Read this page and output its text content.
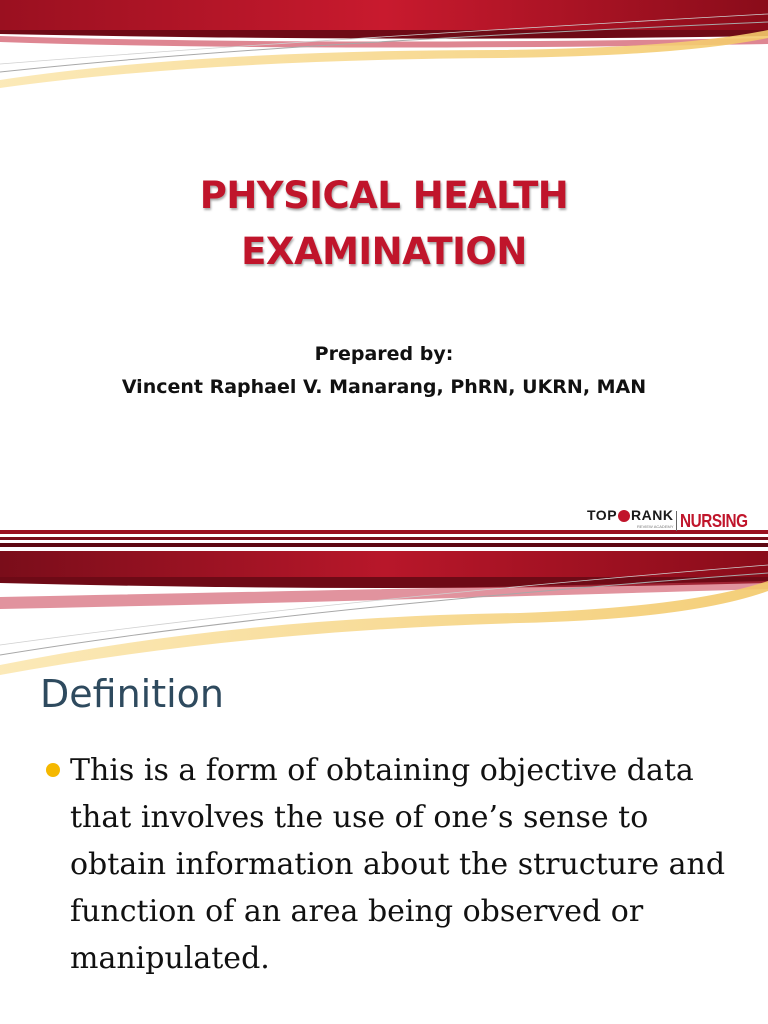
PHYSICAL HEALTH
EXAMINATION
Prepared by:
Vincent Raphael V. Manarang, PhRN, UKRN, MAN
TOP RANK
REVIEW ACADEMY NURSING
Definition
This is a form of obtaining objective data that involves the use of one’s sense to obtain information about the structure and function of an area being observed or manipulated.
